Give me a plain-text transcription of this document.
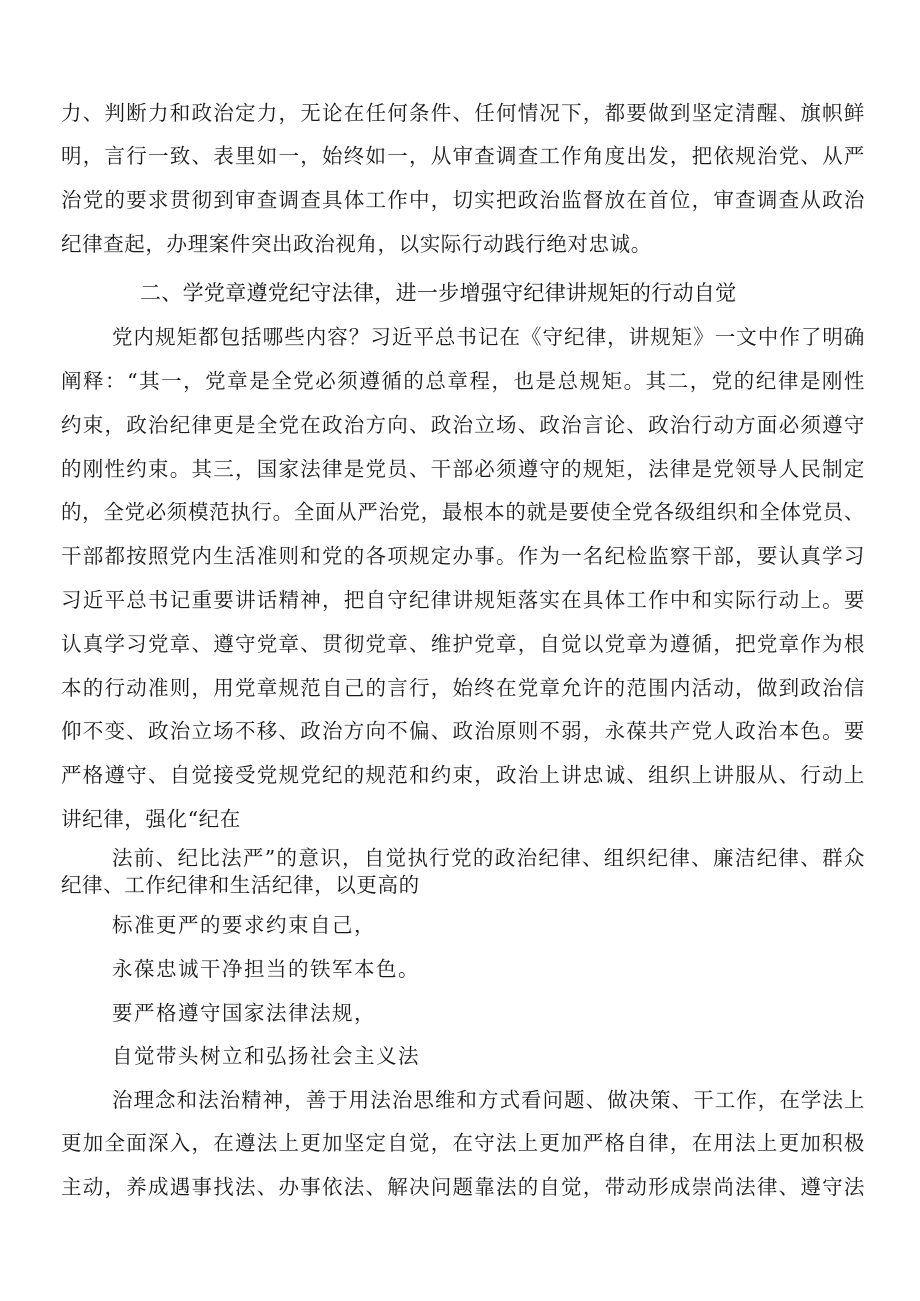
力、判断力和政治定力，无论在任何条件、任何情况下，都要做到坚定清醒、旗帜鲜
明，言行一致、表里如一，始终如一，从审查调查工作角度出发，把依规治党、从严
治党的要求贯彻到审查调查具体工作中，切实把政治监督放在首位，审查调查从政治
纪律查起，办理案件突出政治视角，以实际行动践行绝对忠诚。
二、学党章遵党纪守法律，进一步增强守纪律讲规矩的行动自觉
党内规矩都包括哪些内容？习近平总书记在《守纪律，讲规矩》一文中作了明确
阐释：“其一，党章是全党必须遵循的总章程，也是总规矩。其二，党的纪律是刚性
约束，政治纪律更是全党在政治方向、政治立场、政治言论、政治行动方面必须遵守
的刚性约束。其三，国家法律是党员、干部必须遵守的规矩，法律是党领导人民制定
的，全党必须模范执行。全面从严治党，最根本的就是要使全党各级组织和全体党员、
干部都按照党内生活准则和党的各项规定办事。作为一名纪检监察干部，要认真学习
习近平总书记重要讲话精神，把自守纪律讲规矩落实在具体工作中和实际行动上。要
认真学习党章、遵守党章、贯彻党章、维护党章，自觉以党章为遵循，把党章作为根
本的行动准则，用党章规范自己的言行，始终在党章允许的范围内活动，做到政治信
仰不变、政治立场不移、政治方向不偏、政治原则不弱，永葆共产党人政治本色。要
严格遵守、自觉接受党规党纪的规范和约束，政治上讲忠诚、组织上讲服从、行动上
讲纪律，强化“纪在
法前、纪比法严”的意识，自觉执行党的政治纪律、组织纪律、廉洁纪律、群众
纪律、工作纪律和生活纪律，以更高的
标准更严的要求约束自己，
永葆忠诚干净担当的铁军本色。
要严格遵守国家法律法规，
自觉带头树立和弘扬社会主义法
治理念和法治精神，善于用法治思维和方式看问题、做决策、干工作，在学法上
更加全面深入，在遵法上更加坚定自觉，在守法上更加严格自律，在用法上更加积极
主动，养成遇事找法、办事依法、解决问题靠法的自觉，带动形成崇尚法律、遵守法
